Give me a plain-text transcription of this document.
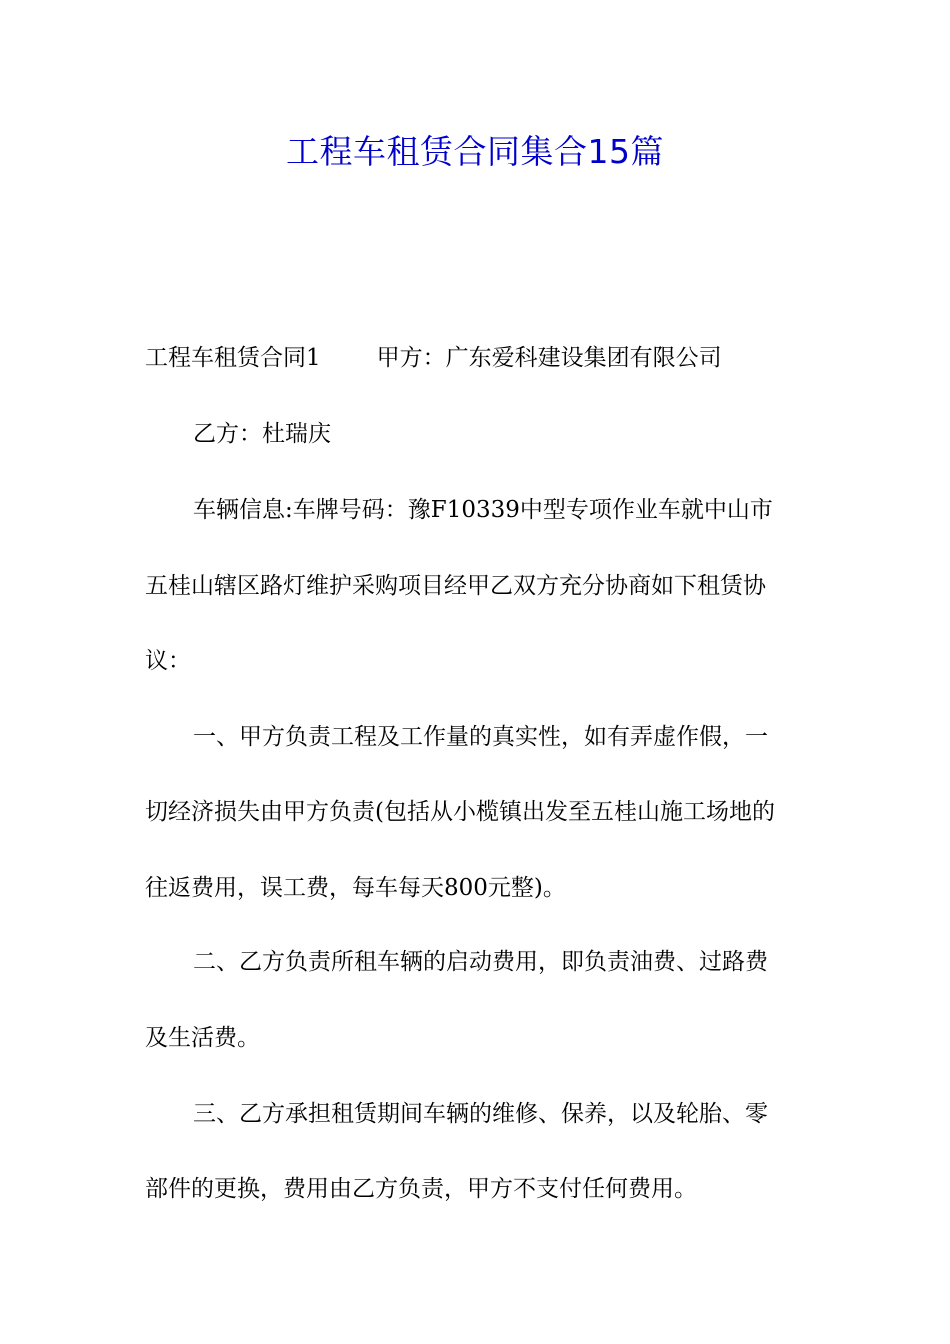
工程车租赁合同集合15篇
工程车租赁合同1 甲方：广东爱科建设集团有限公司
乙方：杜瑞庆
车辆信息:车牌号码：豫F10339中型专项作业车就中山市
五桂山辖区路灯维护采购项目经甲乙双方充分协商如下租赁协
议：
一、甲方负责工程及工作量的真实性，如有弄虚作假，一
切经济损失由甲方负责(包括从小榄镇出发至五桂山施工场地的
往返费用，误工费，每车每天800元整)。
二、乙方负责所租车辆的启动费用，即负责油费、过路费
及生活费。
三、乙方承担租赁期间车辆的维修、保养，以及轮胎、零
部件的更换，费用由乙方负责，甲方不支付任何费用。
